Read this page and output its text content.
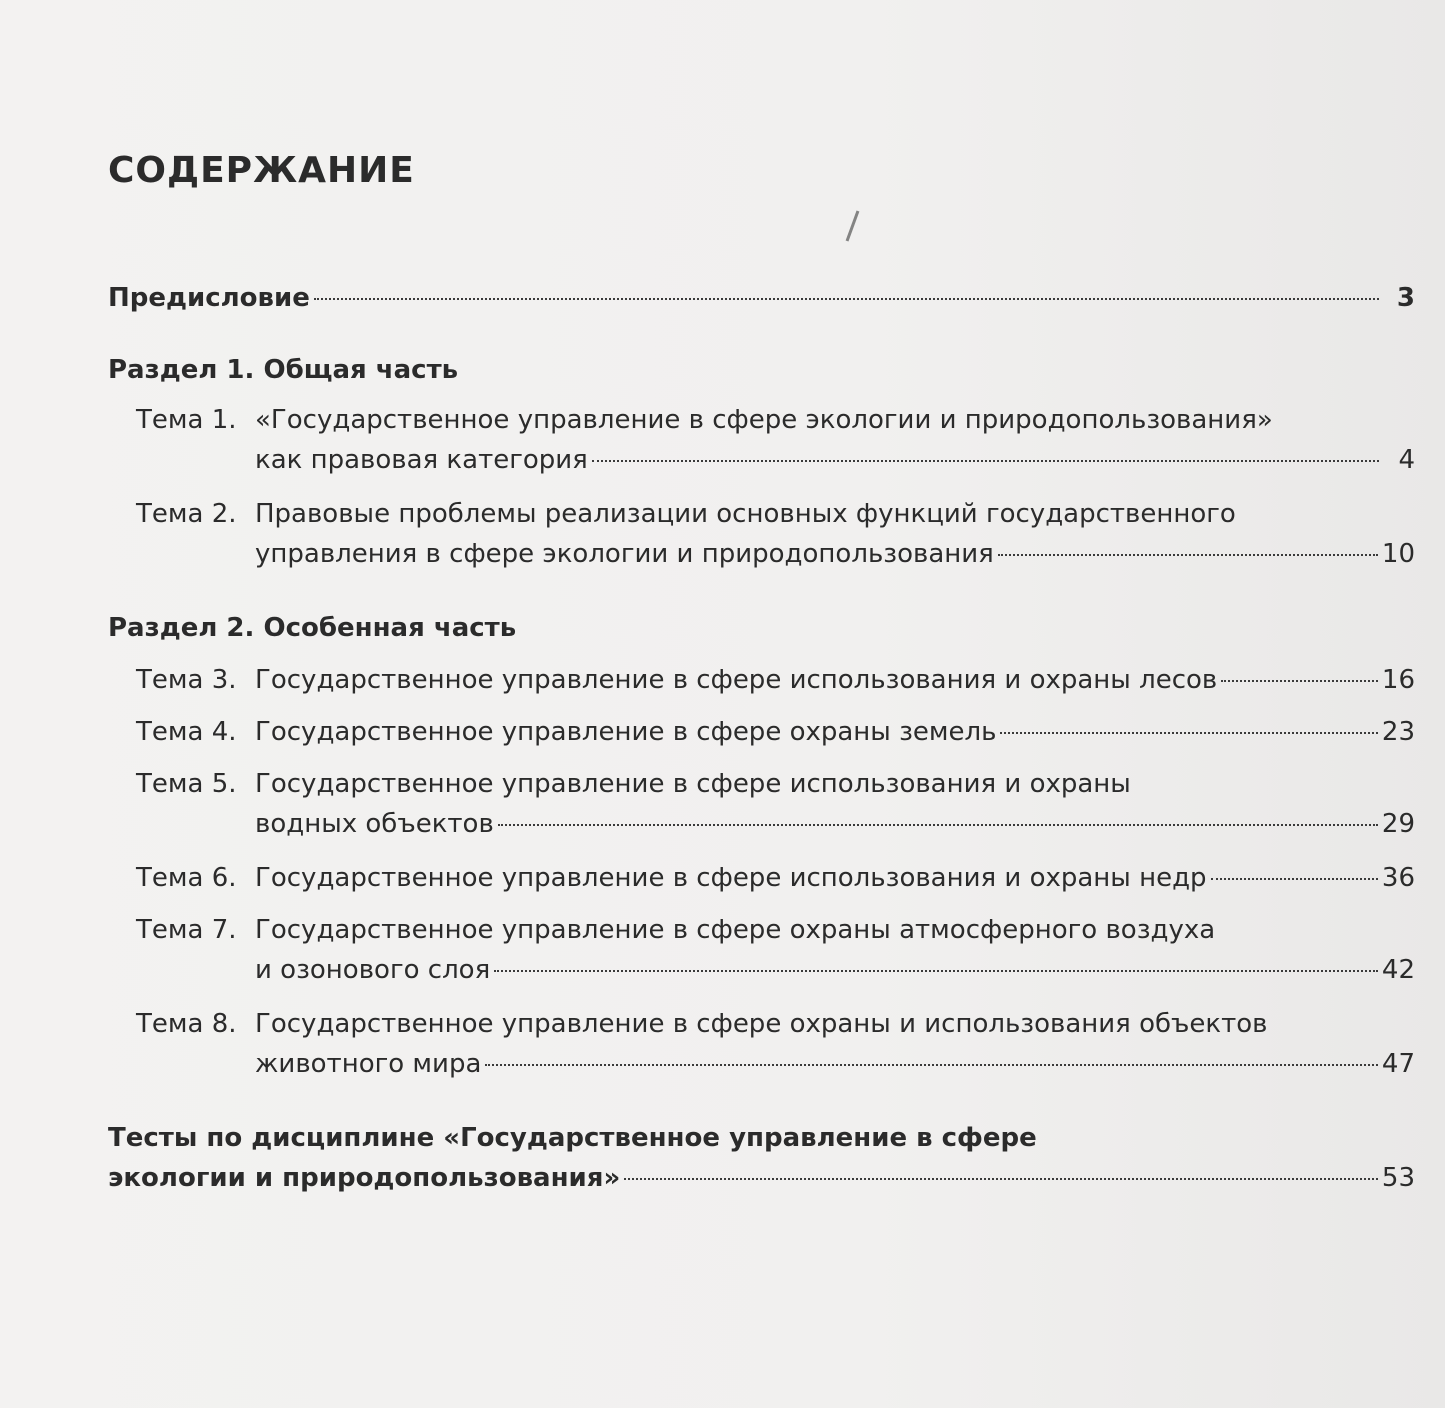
СОДЕРЖАНИЕ
Предисловие	3
Раздел 1. Общая часть
Тема 1. «Государственное управление в сфере экологии и природопользования»
как правовая категория	4
Тема 2. Правовые проблемы реализации основных функций государственного
управления в сфере экологии и природопользования	10
Раздел 2. Особенная часть
Тема 3. Государственное управление в сфере использования и охраны лесов	16
Тема 4. Государственное управление в сфере охраны земель	23
Тема 5. Государственное управление в сфере использования и охраны
водных объектов	29
Тема 6. Государственное управление в сфере использования и охраны недр	36
Тема 7. Государственное управление в сфере охраны атмосферного воздуха
и озонового слоя	42
Тема 8. Государственное управление в сфере охраны и использования объектов
животного мира	47
Тесты по дисциплине «Государственное управление в сфере
экологии и природопользования»	53
